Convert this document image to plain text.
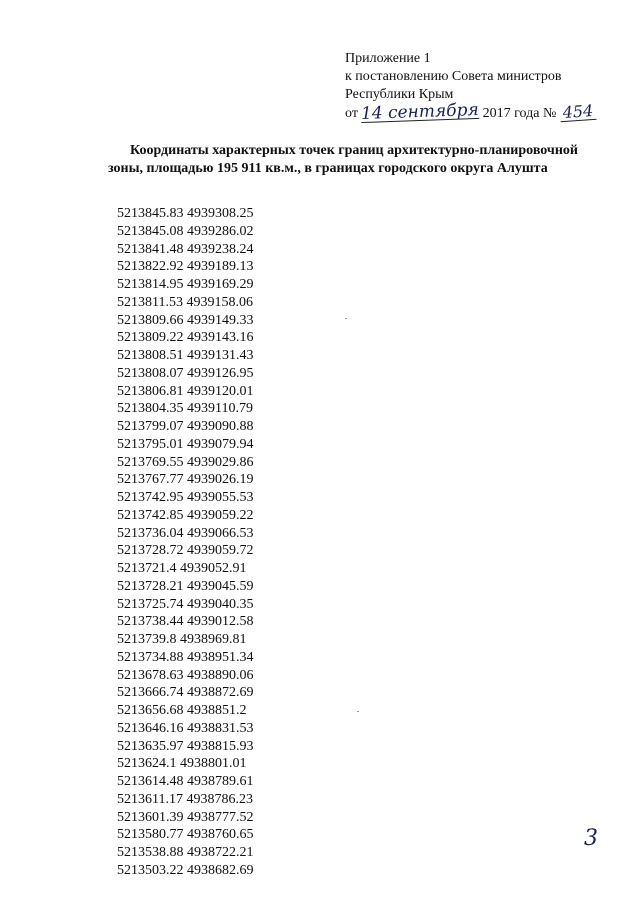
Приложение 1
к постановлению Совета министров
Республики Крым
от 14 сентября 2017 года № 454
Координаты характерных точек границ архитектурно-планировочной
зоны, площадью 195 911 кв.м., в границах городского округа Алушта
5213845.83 4939308.25
5213845.08 4939286.02
5213841.48 4939238.24
5213822.92 4939189.13
5213814.95 4939169.29
5213811.53 4939158.06
5213809.66 4939149.33
5213809.22 4939143.16
5213808.51 4939131.43
5213808.07 4939126.95
5213806.81 4939120.01
5213804.35 4939110.79
5213799.07 4939090.88
5213795.01 4939079.94
5213769.55 4939029.86
5213767.77 4939026.19
5213742.95 4939055.53
5213742.85 4939059.22
5213736.04 4939066.53
5213728.72 4939059.72
5213721.4 4939052.91
5213728.21 4939045.59
5213725.74 4939040.35
5213738.44 4939012.58
5213739.8 4938969.81
5213734.88 4938951.34
5213678.63 4938890.06
5213666.74 4938872.69
5213656.68 4938851.2
5213646.16 4938831.53
5213635.97 4938815.93
5213624.1 4938801.01
5213614.48 4938789.61
5213611.17 4938786.23
5213601.39 4938777.52
5213580.77 4938760.65
5213538.88 4938722.21
5213503.22 4938682.69
3
